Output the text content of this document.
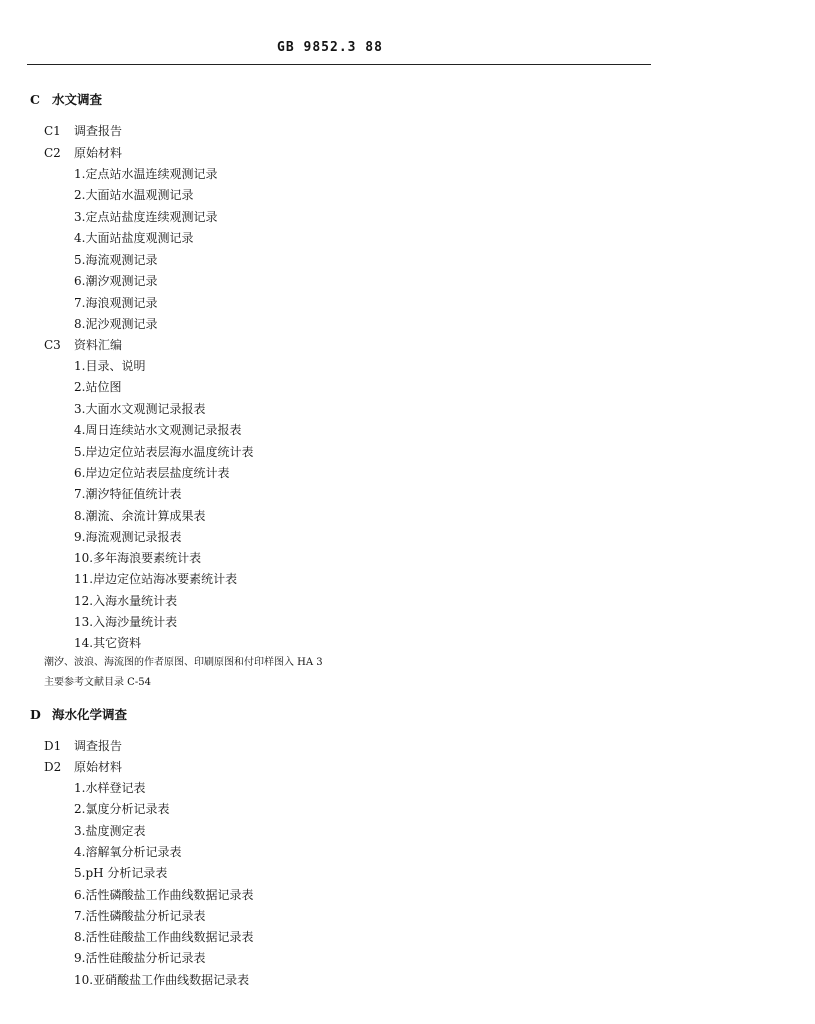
GB 9852.3 88
C 水文调查
C1 调查报告
C2 原始材料
1.定点站水温连续观测记录
2.大面站水温观测记录
3.定点站盐度连续观测记录
4.大面站盐度观测记录
5.海流观测记录
6.潮汐观测记录
7.海浪观测记录
8.泥沙观测记录
C3 资料汇编
1.目录、说明
2.站位图
3.大面水文观测记录报表
4.周日连续站水文观测记录报表
5.岸边定位站表层海水温度统计表
6.岸边定位站表层盐度统计表
7.潮汐特征值统计表
8.潮流、余流计算成果表
9.海流观测记录报表
10.多年海浪要素统计表
11.岸边定位站海冰要素统计表
12.入海水量统计表
13.入海沙量统计表
14.其它资料
潮汐、波浪、海流图的作者原图、印刷原图和付印样图入 HA 3
主要参考文献目录 C-54
D 海水化学调查
D1 调查报告
D2 原始材料
1.水样登记表
2.氯度分析记录表
3.盐度测定表
4.溶解氧分析记录表
5.pH 分析记录表
6.活性磷酸盐工作曲线数据记录表
7.活性磷酸盐分析记录表
8.活性硅酸盐工作曲线数据记录表
9.活性硅酸盐分析记录表
10.亚硝酸盐工作曲线数据记录表
